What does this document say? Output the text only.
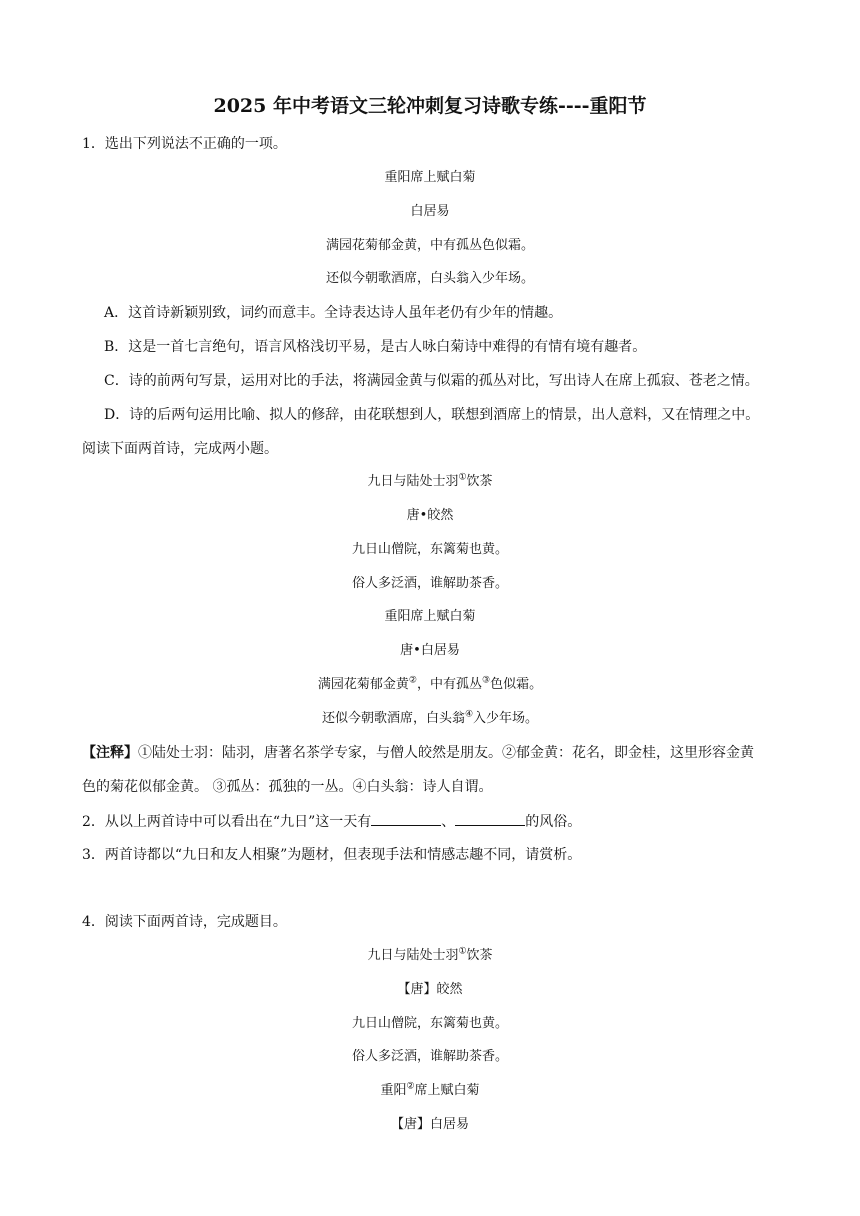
2025 年中考语文三轮冲刺复习诗歌专练----重阳节
1．选出下列说法不正确的一项。
重阳席上赋白菊
白居易
满园花菊郁金黄，中有孤丛色似霜。
还似今朝歌酒席，白头翁入少年场。
A．这首诗新颖别致，词约而意丰。全诗表达诗人虽年老仍有少年的情趣。
B．这是一首七言绝句，语言风格浅切平易，是古人咏白菊诗中难得的有情有境有趣者。
C．诗的前两句写景，运用对比的手法，将满园金黄与似霜的孤丛对比，写出诗人在席上孤寂、苍老之情。
D．诗的后两句运用比喻、拟人的修辞，由花联想到人，联想到酒席上的情景，出人意料，又在情理之中。
阅读下面两首诗，完成两小题。
九日与陆处士羽①饮茶
唐•皎然
九日山僧院，东篱菊也黄。
俗人多泛酒，谁解助茶香。
重阳席上赋白菊
唐•白居易
满园花菊郁金黄②，中有孤丛③色似霜。
还似今朝歌酒席，白头翁④入少年场。
【注释】①陆处士羽：陆羽，唐著名茶学专家，与僧人皎然是朋友。②郁金黄：花名，即金桂，这里形容金黄
色的菊花似郁金黄。 ③孤丛：孤独的一丛。④白头翁：诗人自谓。
2．从以上两首诗中可以看出在“九日”这一天有	、	的风俗。
3．两首诗都以“九日和友人相聚”为题材，但表现手法和情感志趣不同，请赏析。
4．阅读下面两首诗，完成题目。
九日与陆处士羽①饮茶
【唐】皎然
九日山僧院，东篱菊也黄。
俗人多泛酒，谁解助茶香。
重阳②席上赋白菊
【唐】白居易
